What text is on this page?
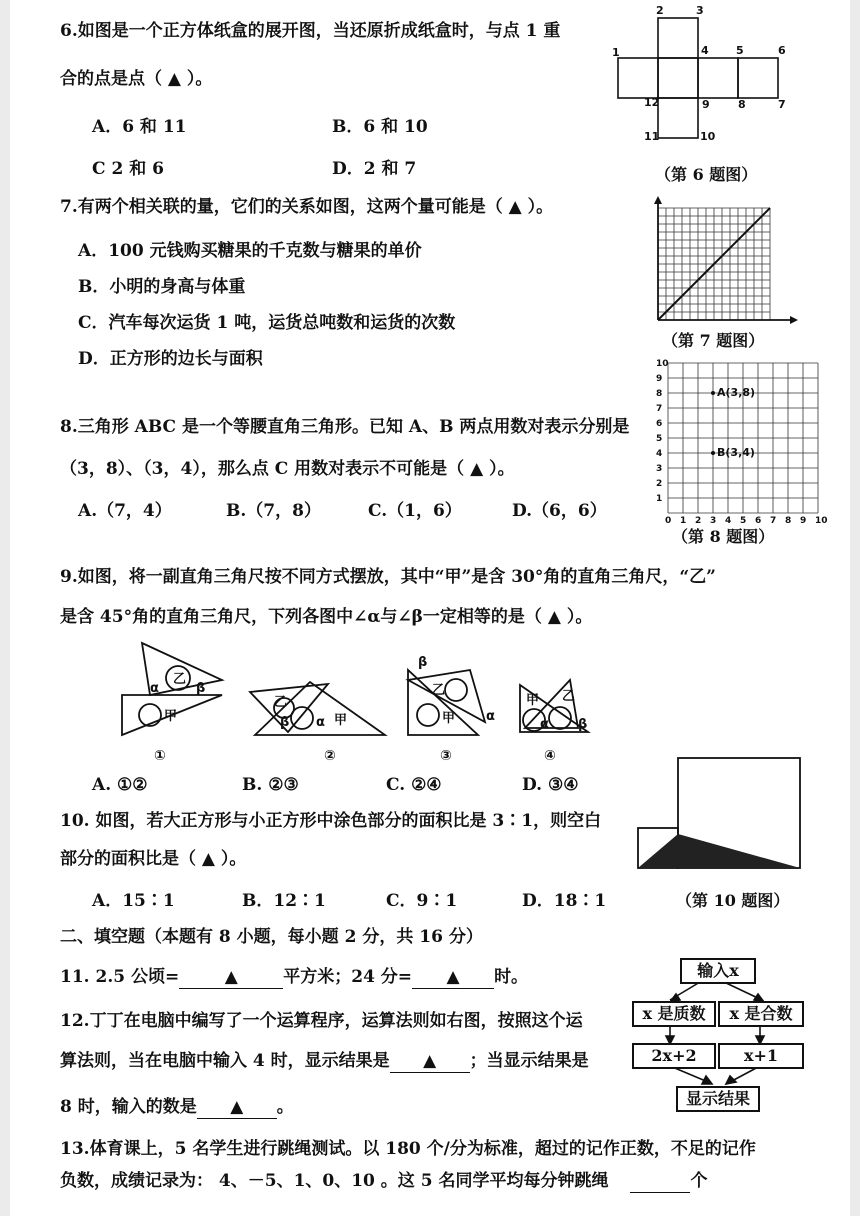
6.如图是一个正方体纸盒的展开图，当还原折成纸盒时，与点 1 重
合的点是点（ ▲ ）。
A．6 和 11	B．6 和 10
C 2 和 6	D．2 和 7
2	3
1	4 5	6
7
8
9
12
11	10
（第 6 题图）
7.有两个相关联的量，它们的关系如图，这两个量可能是（ ▲ ）。
A．100 元钱购买糖果的千克数与糖果的单价
B．小明的身高与体重
C．汽车每次运货 1 吨，运货总吨数和运货的次数
D．正方形的边长与面积
（第 7 题图）
8.三角形 ABC 是一个等腰直角三角形。已知 A、B 两点用数对表示分别是
（3，8）、（3，4），那么点 C 用数对表示不可能是（ ▲ ）。
A.（7，4）	B.（7，8）	C.（1，6）	D.（6，6）	0 1
1
2
2
3
3
4
4
5
5
6
6
7
7
8
8
9
9
10
10
A(3,8)
B(3,4)
（第 8 题图）
9.如图，将一副直角三角尺按不同方式摆放，其中“甲”是含 30°角的直角三角尺，“乙”
是含 45°角的直角三角尺，下列各图中∠α与∠β一定相等的是（ ▲ ）。
乙
甲
α	β
乙
甲
α
β
乙
甲 α
β
甲 乙
α β
①	②	③	④
A. ①②	B. ②③	C. ②④	D. ③④
10. 如图，若大正方形与小正方形中涂色部分的面积比是 3∶1，则空白
部分的面积比是（ ▲ ）。
A．15∶1	B．12∶1	C．9∶1	D．18∶1	（第 10 题图）
二、填空题（本题有 8 小题，每小题 2 分，共 16 分）
11. 2.5 公顷=	▲	平方米；24 分= ▲ 时。
12.丁丁在电脑中编写了一个运算程序，运算法则如右图，按照这个运
算法则，当在电脑中输入 4 时，显示结果是 ▲ ；当显示结果是
8 时，输入的数是 ▲ 。
输入x
x 是质数	x 是合数
2x+2	x+1
显示结果
13.体育课上，5 名学生进行跳绳测试。以 180 个/分为标准，超过的记作正数，不足的记作
负数，成绩记录为： 4、－5、1、0、10 。这 5 名同学平均每分钟跳绳	个
